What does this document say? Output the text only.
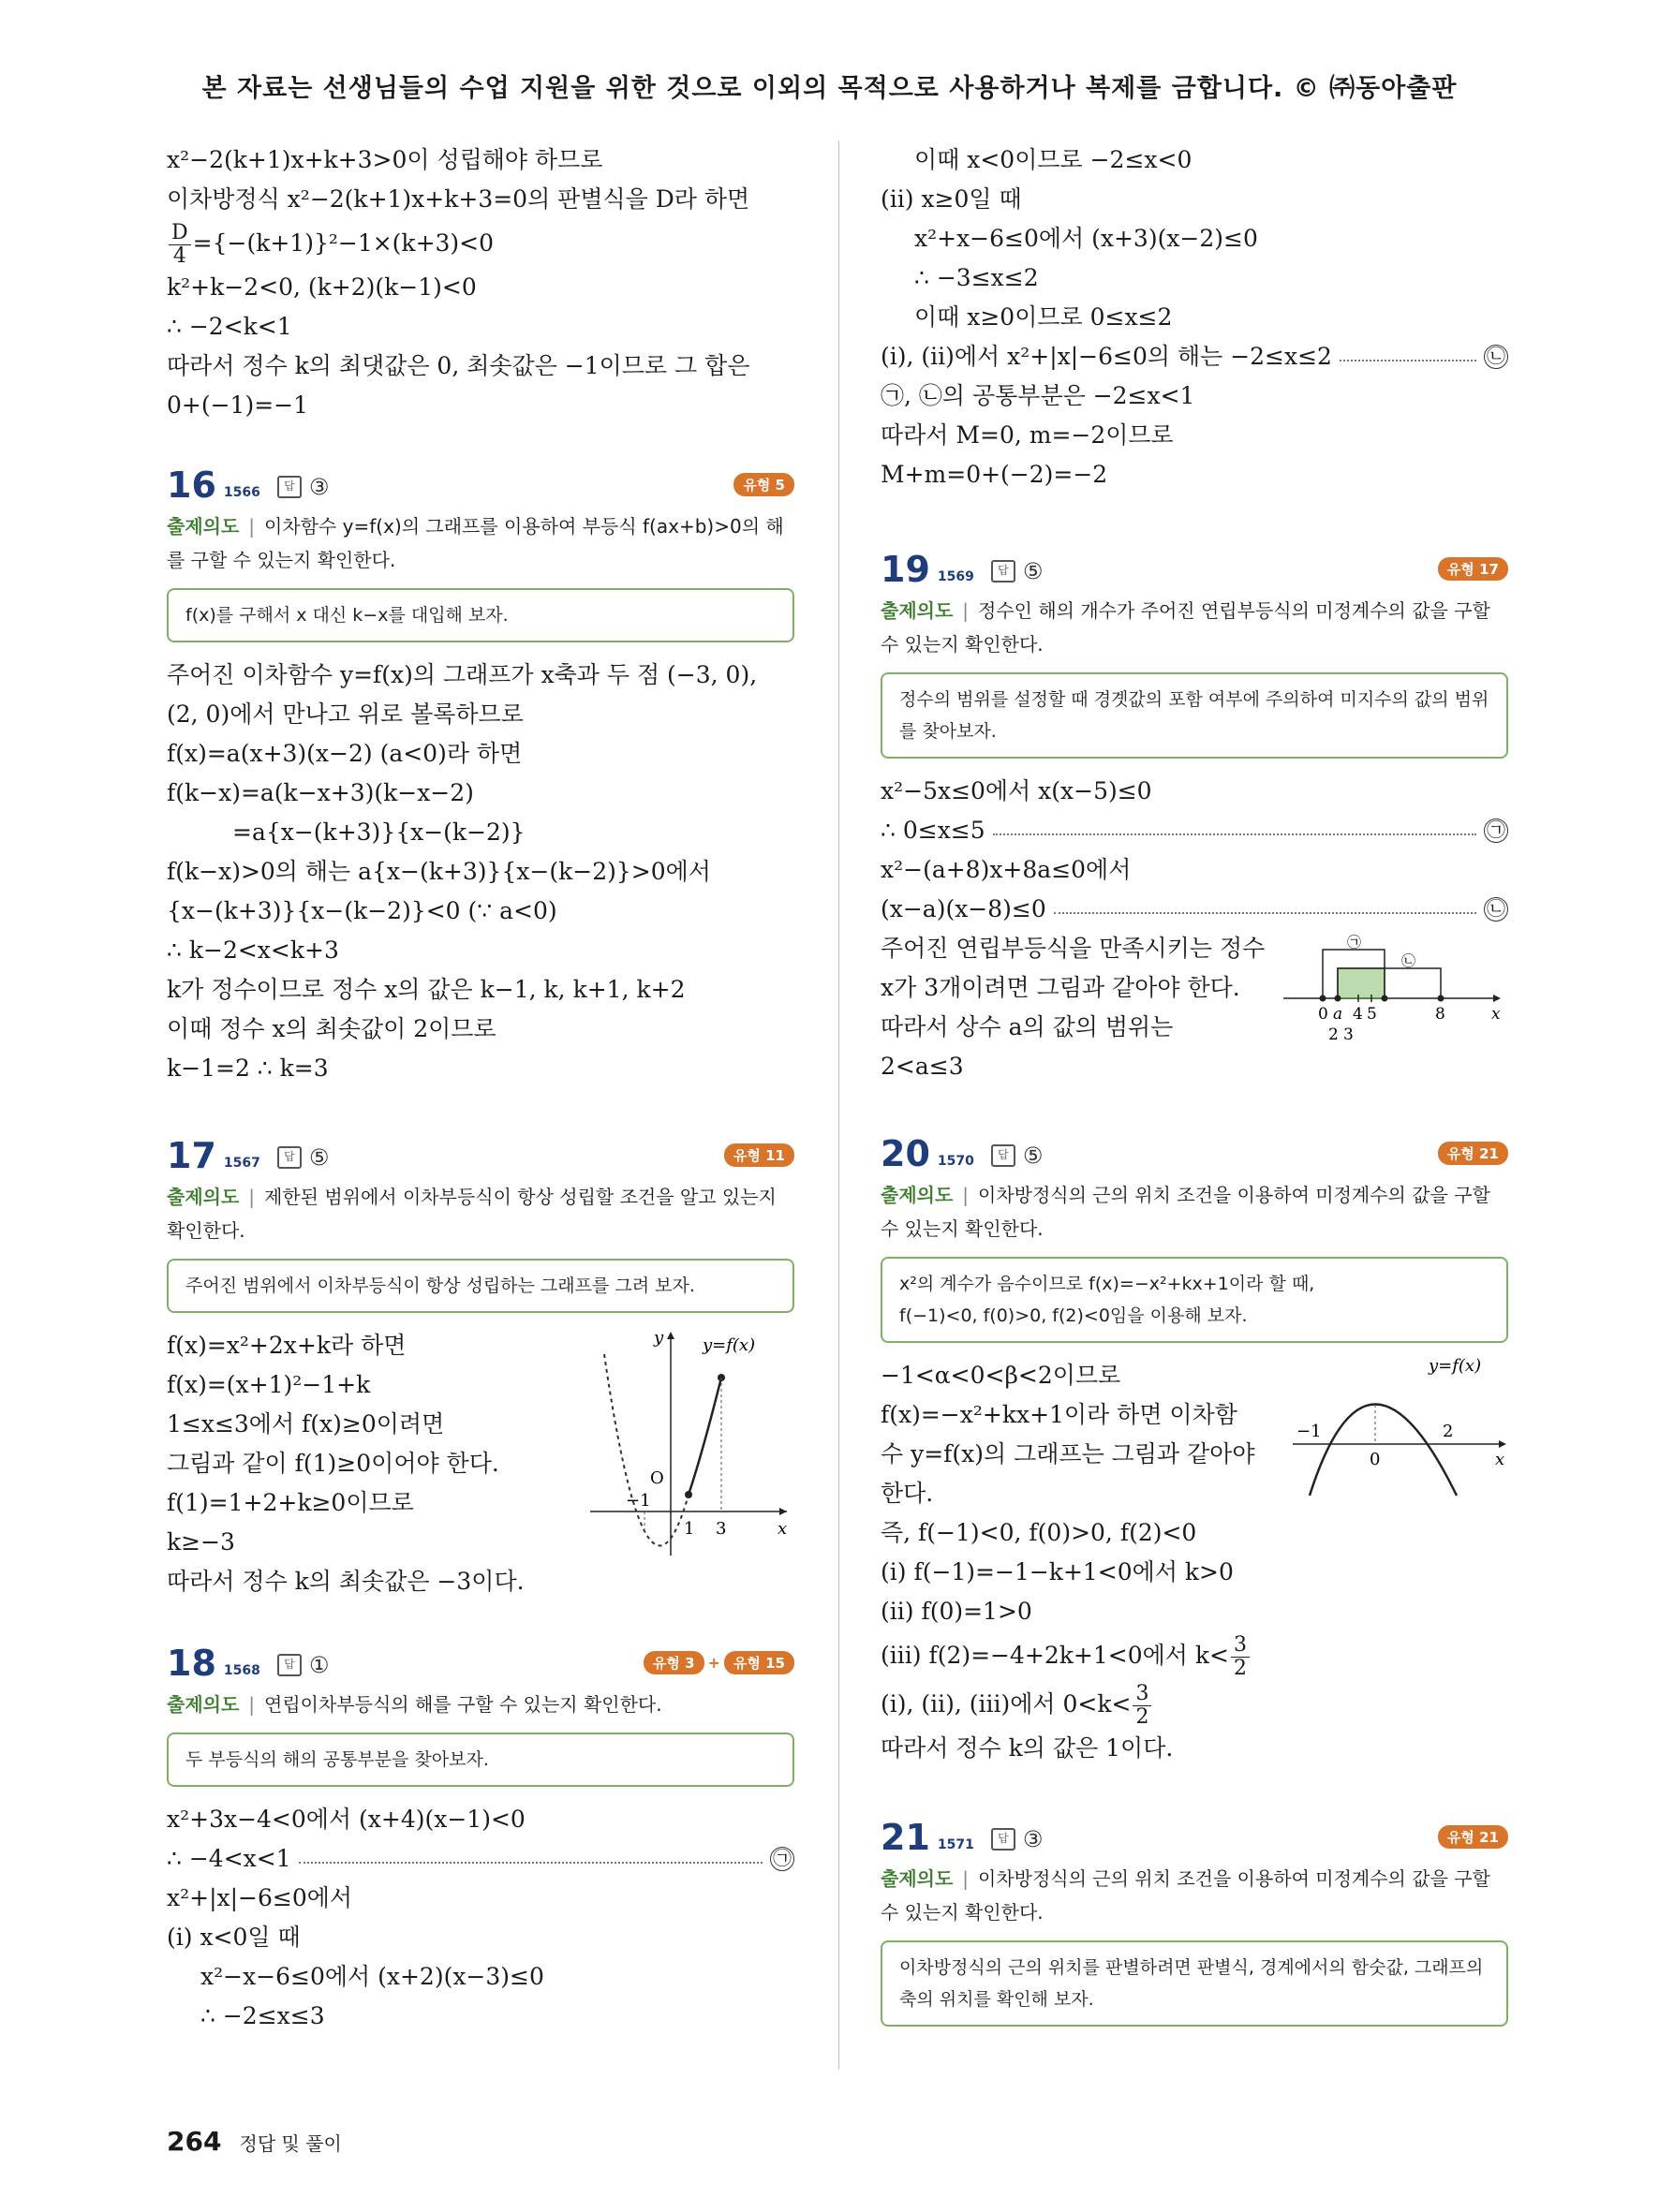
본 자료는 선생님들의 수업 지원을 위한 것으로 이외의 목적으로 사용하거나 복제를 금합니다. © ㈜동아출판
x²−2(k+1)x+k+3>0이 성립해야 하므로
이차방정식 x²−2(k+1)x+k+3=0의 판별식을 D라 하면
$\frac{D}{4} =\{-(k+1)\}^2-1\times(k+3)<0$
k²+k−2<0, (k+2)(k−1)<0
∴ −2<k<1
따라서 정수 k의 최댓값은 0, 최솟값은 −1이므로 그 합은
0+(−1)=−1
16 1566	답 ③	유형 5
출제의도 | 이차함수 y=f(x)의 그래프를 이용하여 부등식 f(ax+b)>0의 해를 구할 수 있는지 확인한다.
f(x)를 구해서 x 대신 k−x를 대입해 보자.
주어진 이차함수 y=f(x)의 그래프가 x축과 두 점 (−3, 0),
(2, 0)에서 만나고 위로 볼록하므로
f(x)=a(x+3)(x−2) (a<0)라 하면
f(k−x)=a(k−x+3)(k−x−2)
=a{x−(k+3)}{x−(k−2)}
f(k−x)>0의 해는 a{x−(k+3)}{x−(k−2)}>0에서
{x−(k+3)}{x−(k−2)}<0 (∵ a<0)
∴ k−2<x<k+3
k가 정수이므로 정수 x의 값은 k−1, k, k+1, k+2
이때 정수 x의 최솟값이 2이므로
k−1=2 ∴ k=3
17 1567	답 ⑤	유형 11
출제의도 | 제한된 범위에서 이차부등식이 항상 성립할 조건을 알고 있는지 확인한다.
주어진 범위에서 이차부등식이 항상 성립하는 그래프를 그려 보자.
f(x)=x²+2x+k라 하면
f(x)=(x+1)²−1+k
1≤x≤3에서 f(x)≥0이려면
그림과 같이 f(1)≥0이어야 한다.
f(1)=1+2+k≥0이므로
k≥−3
따라서 정수 k의 최솟값은 −3이다.
y
x
y=f(x)
O
−1
1 3
18 1568	답 ①	유형 3 + 유형 15
출제의도 | 연립이차부등식의 해를 구할 수 있는지 확인한다.
두 부등식의 해의 공통부분을 찾아보자.
x²+3x−4<0에서 (x+4)(x−1)<0
∴ −4<x<1	㉠
x²+|x|−6≤0에서
(i) x<0일 때
x²−x−6≤0에서 (x+2)(x−3)≤0
∴ −2≤x≤3
이때 x<0이므로 −2≤x<0
(ii) x≥0일 때
x²+x−6≤0에서 (x+3)(x−2)≤0
∴ −3≤x≤2
이때 x≥0이므로 0≤x≤2
(i), (ii)에서 x²+|x|−6≤0의 해는 −2≤x≤2	㉡
㉠, ㉡의 공통부분은 −2≤x<1
따라서 M=0, m=−2이므로
M+m=0+(−2)=−2
19 1569	답 ⑤	유형 17
출제의도 | 정수인 해의 개수가 주어진 연립부등식의 미정계수의 값을 구할 수 있는지 확인한다.
정수의 범위를 설정할 때 경곗값의 포함 여부에 주의하여 미지수의 값의 범위를 찾아보자.
x²−5x≤0에서 x(x−5)≤0
∴ 0≤x≤5	㉠
x²−(a+8)x+8a≤0에서
(x−a)(x−8)≤0	㉡
주어진 연립부등식을 만족시키는 정수
x가 3개이려면 그림과 같아야 한다.
따라서 상수 a의 값의 범위는
2<a≤3
㉠
㉡
0 a 4 5	8	x
2 3
20 1570	답 ⑤	유형 21
출제의도 | 이차방정식의 근의 위치 조건을 이용하여 미정계수의 값을 구할 수 있는지 확인한다.
x²의 계수가 음수이므로 f(x)=−x²+kx+1이라 할 때,
f(−1)<0, f(0)>0, f(2)<0임을 이용해 보자.
−1<α<0<β<2이므로
f(x)=−x²+kx+1이라 하면 이차함
수 y=f(x)의 그래프는 그림과 같아야
한다.
즉, f(−1)<0, f(0)>0, f(2)<0
(i) f(−1)=−1−k+1<0에서 k>0
(ii) f(0)=1>0
(iii) f(2)=−4+2k+1<0에서 $k< \frac{3}{2}$
(i), (ii), (iii)에서 $0<k< \frac{3}{2}$
따라서 정수 k의 값은 1이다.
y=f(x)
−1
0
2
x
21 1571	답 ③	유형 21
출제의도 | 이차방정식의 근의 위치 조건을 이용하여 미정계수의 값을 구할 수 있는지 확인한다.
이차방정식의 근의 위치를 판별하려면 판별식, 경계에서의 함숫값, 그래프의 축의 위치를 확인해 보자.
264 정답 및 풀이
